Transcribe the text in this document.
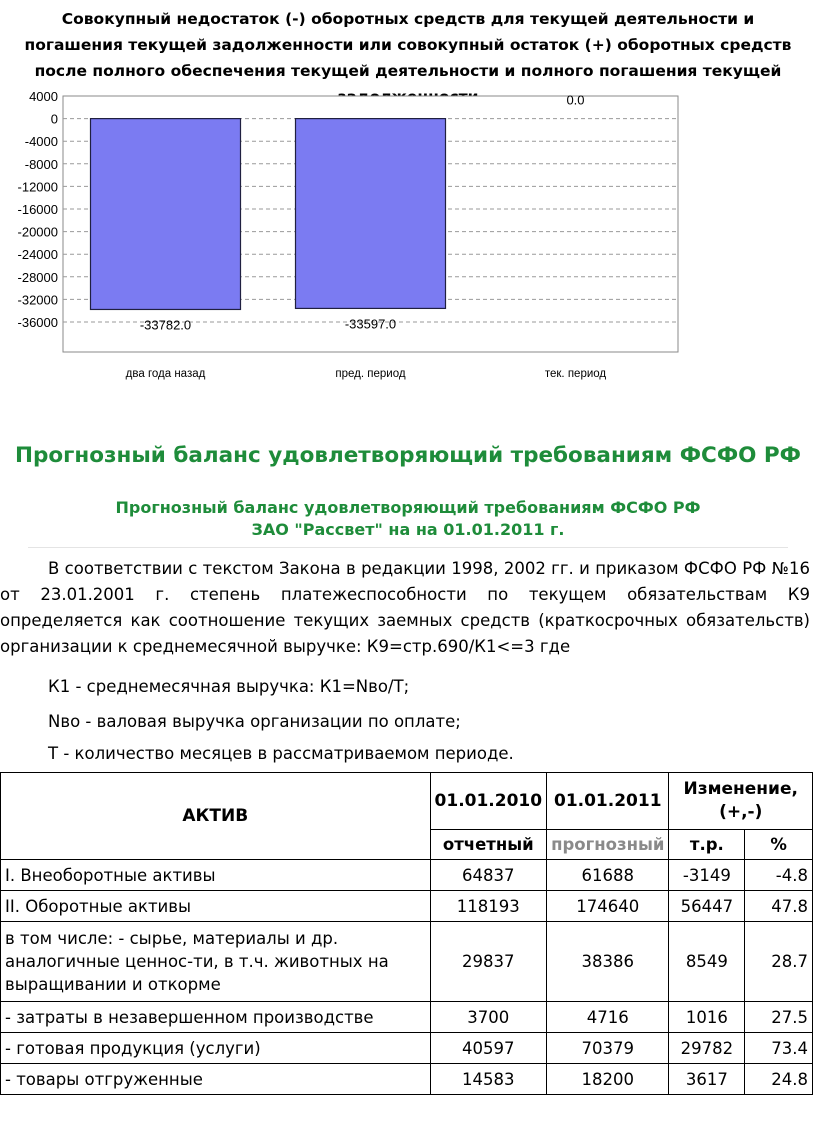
Совокупный недостаток (-) оборотных средств для текущей деятельности и погашения текущей задолженности или совокупный остаток (+) оборотных средств после полного обеспечения текущей деятельности и полного погашения текущей
4000
0
-4000
-8000
-12000
-16000
-20000
-24000
-28000
-32000
-36000	-33782.0	-33597.0
0.0
два года назад	пред. период	тек. период
Прогнозный баланс удовлетворяющий требованиям ФСФО РФ
Прогнозный баланс удовлетворяющий требованиям ФСФО РФ
ЗАО "Рассвет" на на 01.01.2011 г.

В соответствии с текстом Закона в редакции 1998, 2002 гг. и приказом ФСФО РФ №16 от 23.01.2001 г. степень платежеспособности по текущем обязательствам К9 определяется как соотношение текущих заемных средств (краткосрочных обязательств) организации к среднемесячной выручке: К9=стр.690/К1<=3 где

К1 - среднемесячная выручка: К1=Nво/Т;

Nво - валовая выручка организации по оплате;

Т - количество месяцев в рассматриваемом периоде.

АКТИВ	01.01.2010	01.01.2011	Изменение, (+,-)	
	отчетный	прогнозный	т.р.	%
I. Внеоборотные активы	64837	61688	-3149	-4.8
II. Оборотные активы	118193	174640	56447	47.8
в том числе: - сырье, материалы и др. аналогичные ценнос-ти, в т.ч. животных на выращивании и откорме	29837	38386	8549	28.7
- затраты в незавершенном производстве	3700	4716	1016	27.5
- готовая продукция (услуги)	40597	70379	29782	73.4
- товары отгруженные	14583	18200	3617	24.8
